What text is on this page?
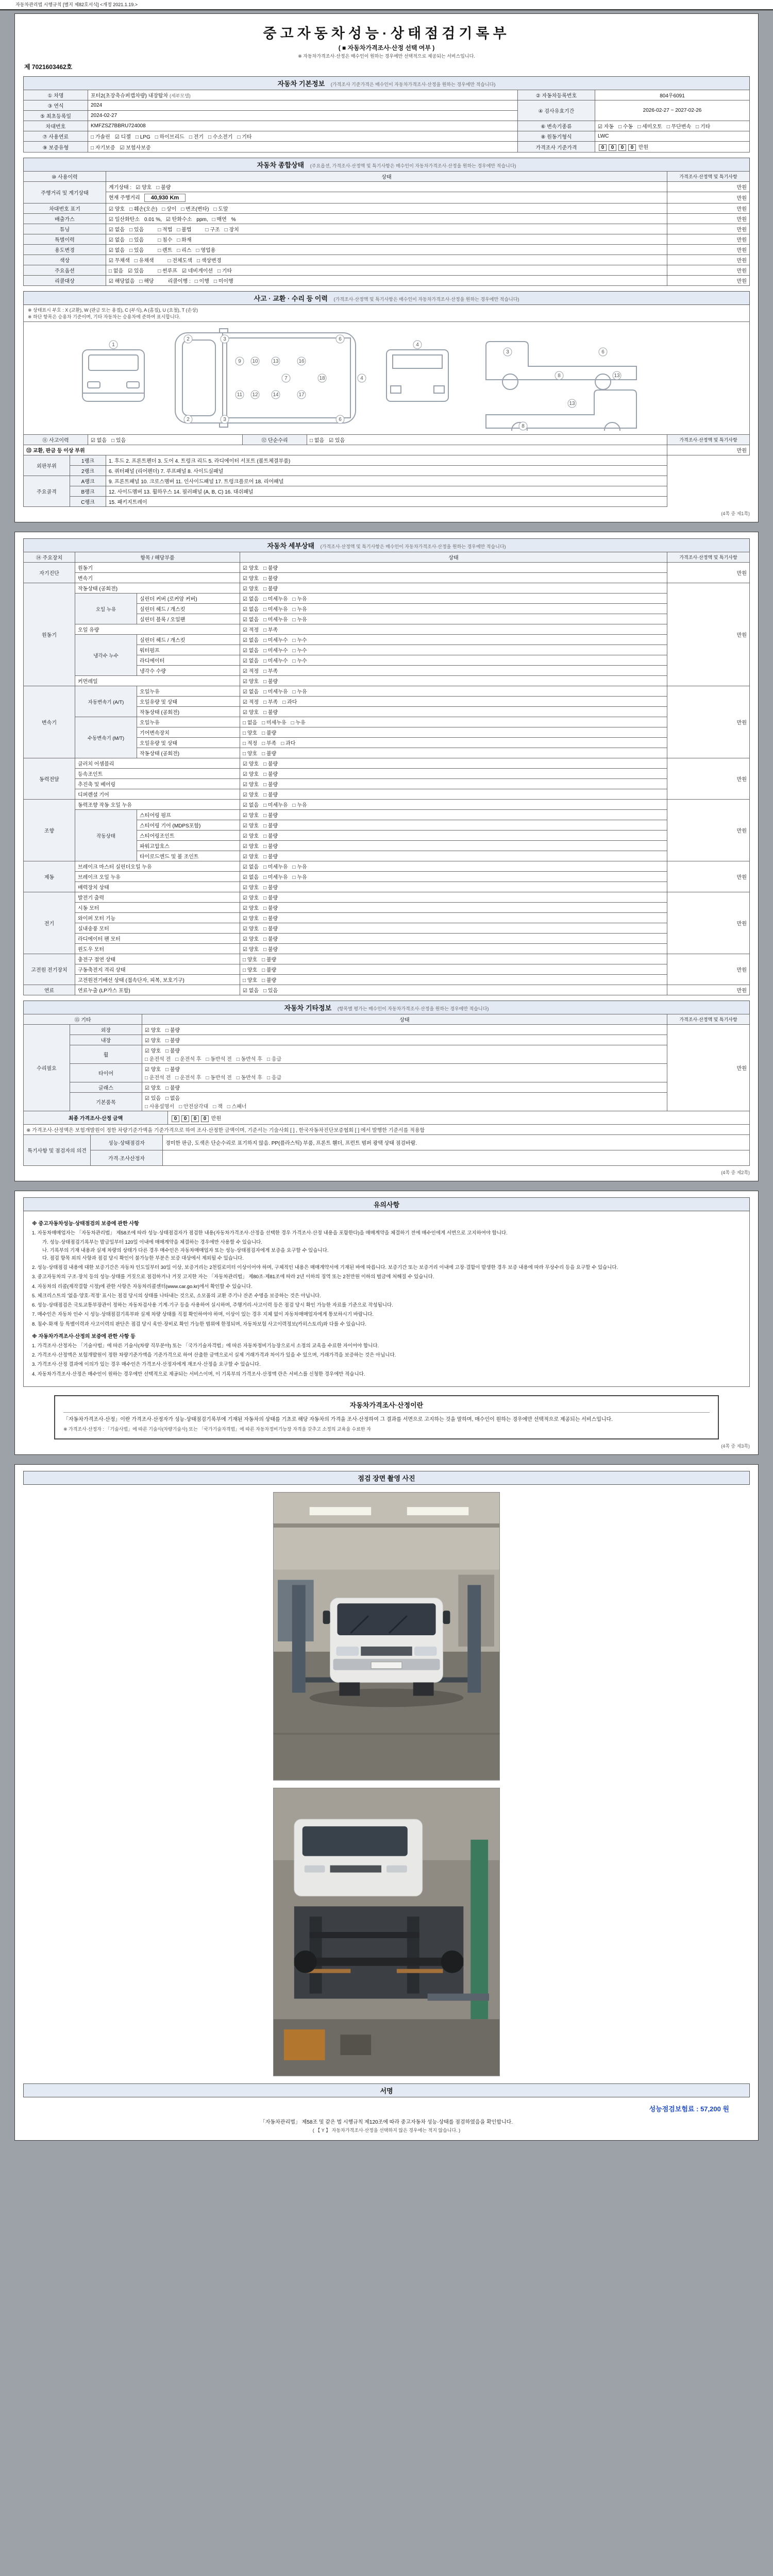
자동차관리법 시행규칙 [별지 제82호서식] <개정 2021.1.19.>
중고자동차성능·상태점검기록부
( ■ 자동차가격조사·산정 선택 여부 )
※ 자동차가격조사·산정은 매수인이 원하는 경우에만 선택적으로 제공되는 서비스입니다.
제 7021603462호
자동차 기본정보 (가격조사 기준가격은 매수인이 자동차가격조사·산정을 원하는 경우에만 적습니다)
① 차명	포터2(초장축슈퍼캡차량) 내장탑차 (세부모델)	② 자동차등록번호	804우6091
③ 연식	2024	④ 검사유효기간	2026-02-27 ~ 2027-02-26
⑤ 최초등록일	2024-02-27		
차대번호	KMFZSZ7BBRU724008	⑥ 변속기종류	☑ 자동 □ 수동 □ 세미오토 □ 무단변속 □ 기타
⑦ 사용연료	□ 가솔린 ☑ 디젤 □ LPG □ 하이브리드 □ 전기 □ 수소전기 □ 기타	⑧ 원동기형식	LWC
⑨ 보증유형	□ 자기보증 ☑ 보험사보증	가격조사 기준가격	0 0 0 0 만원
자동차 종합상태 (주요옵션, 가격조사·산정액 및 특기사항은 매수인이 자동차가격조사·산정을 원하는 경우에만 적습니다)
⑩ 사용이력	상태	가격조사·산정액 및 특기사항
주행거리 및 계기상태	계기상태 : ☑ 양호 □ 불량	만원
	현재 주행거리 40,930 Km	만원
차대번호 표기	☑ 양호 □ 훼손(오손) □ 상이 □ 변조(변타) □ 도말	만원
배출가스	☑ 일산화탄소 0.01 %, ☑ 탄화수소 ppm, □ 매연 %	만원
튜닝	☑ 없음 □ 있음 □ 적법 □ 불법 □ 구조 □ 장치	만원
특별이력	☑ 없음 □ 있음 □ 침수 □ 화재	만원
용도변경	☑ 없음 □ 있음 □ 렌트 □ 리스 □ 영업용	만원
색상	☑ 무채색 □ 유채색 □ 전체도색 □ 색상변경	만원
주요옵션	□ 없음 ☑ 있음 □ 썬루프 ☑ 네비게이션 □ 기타	만원
리콜대상	☑ 해당없음 □ 해당 리콜이행 : □ 이행 □ 미이행	만원
사고 · 교환 · 수리 등 이력 (가격조사·산정액 및 특기사항은 매수인이 자동차가격조사·산정을 원하는 경우에만 적습니다)
※ 상태표시 부호 : X (교환), W (판금 또는 용접), C (부식), A (흠집), U (요철), T (손상)
※ 하단 항목은 승용차 기준이며, 기타 자동차는 승용차에 준하여 표시합니다.
1
2
2
3
3
6
6
7	4
9 10
11 12
13
14
16
17
18
4
3
8
6
13
8
13
⑪ 사고이력	☑ 없음 □ 있음	⑫ 단순수리	□ 없음 ☑ 있음	가격조사·산정액 및 특기사항
⑬ 교환, 판금 등 이상 부위			만원
외판부위	1랭크	1. 후드 2. 프론트펜더 3. 도어 4. 트렁크 리드 5. 라디에이터 서포트 (볼트체결부품)	
	2랭크	6. 쿼터패널 (리어펜더) 7. 루프패널 8. 사이드실패널	
주요골격	A랭크	9. 프론트패널 10. 크로스멤버 11. 인사이드패널 17. 트렁크플로어 18. 리어패널	
	B랭크	12. 사이드멤버 13. 휠하우스 14. 필러패널 (A, B, C) 16. 대쉬패널	
	C랭크	15. 패키지트레이	
(4쪽 중 제1쪽)
자동차 세부상태 (가격조사·산정액 및 특기사항은 매수인이 자동차가격조사·산정을 원하는 경우에만 적습니다)
⑭ 주요장치	항목 / 해당부품		상태	가격조사·산정액 및 특기사항
자기진단	원동기		☑ 양호 □ 불량	만원
	변속기		☑ 양호 □ 불량	
원동기	작동상태 (공회전)		☑ 양호 □ 불량	만원
	오일 누유	실린더 커버 (로커암 커버)	☑ 없음 □ 미세누유 □ 누유	
		실린더 헤드 / 개스킷	☑ 없음 □ 미세누유 □ 누유	
		실린더 블록 / 오일팬	☑ 없음 □ 미세누유 □ 누유	
	오일 유량		☑ 적정 □ 부족	
	냉각수 누수	실린더 헤드 / 개스킷	☑ 없음 □ 미세누수 □ 누수	
		워터펌프	☑ 없음 □ 미세누수 □ 누수	
		라디에이터	☑ 없음 □ 미세누수 □ 누수	
		냉각수 수량	☑ 적정 □ 부족	
	커먼레일		☑ 양호 □ 불량	
변속기	자동변속기 (A/T)	오일누유	☑ 없음 □ 미세누유 □ 누유	만원
		오일유량 및 상태	☑ 적정 □ 부족 □ 과다	
		작동상태 (공회전)	☑ 양호 □ 불량	
	수동변속기 (M/T)	오일누유	□ 없음 □ 미세누유 □ 누유	
		기어변속장치	□ 양호 □ 불량	
		오일유량 및 상태	□ 적정 □ 부족 □ 과다	
		작동상태 (공회전)	□ 양호 □ 불량	
동력전달	클러치 어셈블리		☑ 양호 □ 불량	만원
	등속조인트		☑ 양호 □ 불량	
	추진축 및 베어링		☑ 양호 □ 불량	
	디퍼렌셜 기어		☑ 양호 □ 불량	
조향	동력조향 작동 오일 누유		☑ 없음 □ 미세누유 □ 누유	만원
	작동상태	스티어링 펌프	☑ 양호 □ 불량	
		스티어링 기어 (MDPS포함)	☑ 양호 □ 불량	
		스티어링조인트	☑ 양호 □ 불량	
		파워고압호스	☑ 양호 □ 불량	
		타이로드엔드 및 볼 조인트	☑ 양호 □ 불량	
제동	브레이크 마스터 실린더오일 누유		☑ 없음 □ 미세누유 □ 누유	만원
	브레이크 오일 누유		☑ 없음 □ 미세누유 □ 누유	
	배력장치 상태		☑ 양호 □ 불량	
전기	발전기 출력		☑ 양호 □ 불량	만원
	시동 모터		☑ 양호 □ 불량	
	와이퍼 모터 기능		☑ 양호 □ 불량	
	실내송풍 모터		☑ 양호 □ 불량	
	라디에이터 팬 모터		☑ 양호 □ 불량	
	윈도우 모터		☑ 양호 □ 불량	
고전원 전기장치	충전구 절연 상태		□ 양호 □ 불량	만원
	구동축전지 격리 상태		□ 양호 □ 불량	
	고전원전기배선 상태 (접속단자, 피복, 보호기구)		□ 양호 □ 불량	
연료	연료누출 (LP가스 포함)		☑ 없음 □ 있음	만원
자동차 기타정보 (항목별 평가는 매수인이 자동차가격조사·산정을 원하는 경우에만 적습니다)
⑮ 기타		상태	가격조사·산정액 및 특기사항
수리필요	외장	☑ 양호 □ 불량	만원
	내장	☑ 양호 □ 불량	
	휠	☑ 양호 □ 불량
□ 운전석 전 □ 운전석 후 □ 동반석 전 □ 동반석 후 □ 응급	

	타이어	☑ 양호 □ 불량
□ 운전석 전 □ 운전석 후 □ 동반석 전 □ 동반석 후 □ 응급	

	글래스	☑ 양호 □ 불량	
	기본품목	☑ 있음 □ 없음
□ 사용설명서 □ 안전삼각대 □ 잭 □ 스패너	
최종 가격조사·산정 금액	0 0 0 0 만원
※ 가격조사·산정액은 보험개발원이 정한 차량기준가액을 기준가격으로 하여 조사·산정한 금액이며, 기준서는 기술사회 [ ] , 한국자동차진단보증협회 [ ] 에서 발행한 기준서를 적용함
특기사항 및 점검자의 의견	성능·상태점검자	경미한 판금, 도색은 단순수리로 표기하지 않음. PP(플라스틱) 부품, 프론트 휀더, 프런트 범퍼 광택 상태 점검바람.
	가격·조사산정자	
(4쪽 중 제2쪽)
유의사항
※ 중고자동차성능·상태점검의 보증에 관한 사항
1. 자동차매매업자는 「자동차관리법」 제58조에 따라 성능·상태점검자가 점검한 내용(자동차가격조사·산정을 선택한 경우 가격조사·산정 내용을 포함한다)을 매매계약을 체결하기 전에 매수인에게 서면으로 고지하여야 합니다.
가. 성능·상태점검기록부는 발급일부터 120일 이내에 매매계약을 체결하는 경우에만 사용할 수 있습니다.
나. 기록부의 기재 내용과 실제 차량의 상태가 다른 경우 매수인은 자동차매매업자 또는 성능·상태점검자에게 보증을 요구할 수 있습니다.
다. 점검 항목 외의 사항과 점검 당시 확인이 불가능한 부분은 보증 대상에서 제외될 수 있습니다.
2. 성능·상태점검 내용에 대한 보증기간은 자동차 인도일부터 30일 이상, 보증거리는 2천킬로미터 이상이어야 하며, 구체적인 내용은 매매계약서에 기재된 바에 따릅니다. 보증기간 또는 보증거리 이내에 고장·결함이 발생한 경우 보증 내용에 따라 무상수리 등을 요구할 수 있습니다.
3. 중고자동차의 구조·장치 등의 성능·상태를 거짓으로 점검하거나 거짓 고지한 자는 「자동차관리법」 제80조·제81조에 따라 2년 이하의 징역 또는 2천만원 이하의 벌금에 처해질 수 있습니다.
4. 자동차의 리콜(제작결함 시정)에 관한 사항은 자동차리콜센터(www.car.go.kr)에서 확인할 수 있습니다.
5. 체크리스트의 '없음·양호·적정' 표시는 점검 당시의 상태를 나타내는 것으로, 소모품의 교환 주기나 잔존 수명을 보증하는 것은 아닙니다.
6. 성능·상태점검은 국토교통부장관이 정하는 자동차검사용 기계·기구 등을 사용하여 실시하며, 주행거리·사고이력 등은 점검 당시 확인 가능한 자료를 기준으로 작성됩니다.
7. 매수인은 자동차 인수 시 성능·상태점검기록부와 실제 차량 상태를 직접 확인하여야 하며, 이상이 있는 경우 지체 없이 자동차매매업자에게 통보하시기 바랍니다.
8. 침수·화재 등 특별이력과 사고이력의 판단은 점검 당시 육안·장비로 확인 가능한 범위에 한정되며, 자동차보험 사고이력정보(카히스토리)와 다를 수 있습니다.
※ 자동차가격조사·산정의 보증에 관한 사항 등
1. 가격조사·산정자는 「기술사법」에 따른 기술사(차량 직무분야) 또는 「국가기술자격법」에 따른 자동차정비기능장으로서 소정의 교육을 수료한 자이어야 합니다.
2. 가격조사·산정액은 보험개발원이 정한 차량기준가액을 기준가격으로 하여 산출한 금액으로서 실제 거래가격과 차이가 있을 수 있으며, 거래가격을 보증하는 것은 아닙니다.
3. 가격조사·산정 결과에 이의가 있는 경우 매수인은 가격조사·산정자에게 재조사·산정을 요구할 수 있습니다.
4. 자동차가격조사·산정은 매수인이 원하는 경우에만 선택적으로 제공되는 서비스이며, 이 기록부의 가격조사·산정액 란은 서비스를 신청한 경우에만 적습니다.
자동차가격조사·산정이란
「자동차가격조사·산정」이란 가격조사·산정자가 성능·상태점검기록부에 기재된 자동차의 상태를 기초로 해당 자동차의 가격을 조사·산정하여 그 결과를 서면으로 고지하는 것을 말하며, 매수인이 원하는 경우에만 선택적으로 제공되는 서비스입니다.
※ 가격조사·산정자 : 「기술사법」에 따른 기술사(차량기술사) 또는 「국가기술자격법」에 따른 자동차정비기능장 자격을 갖추고 소정의 교육을 수료한 자
(4쪽 중 제3쪽)
점검 장면 촬영 사진
서명
성능점검보험료 : 57,200 원
「자동차관리법」 제58조 및 같은 법 시행규칙 제120조에 따라 중고자동차 성능·상태를 점검하였음을 확인합니다.
( 【 Y 】 자동차가격조사·산정을 선택하지 않은 경우에는 적지 않습니다. )
